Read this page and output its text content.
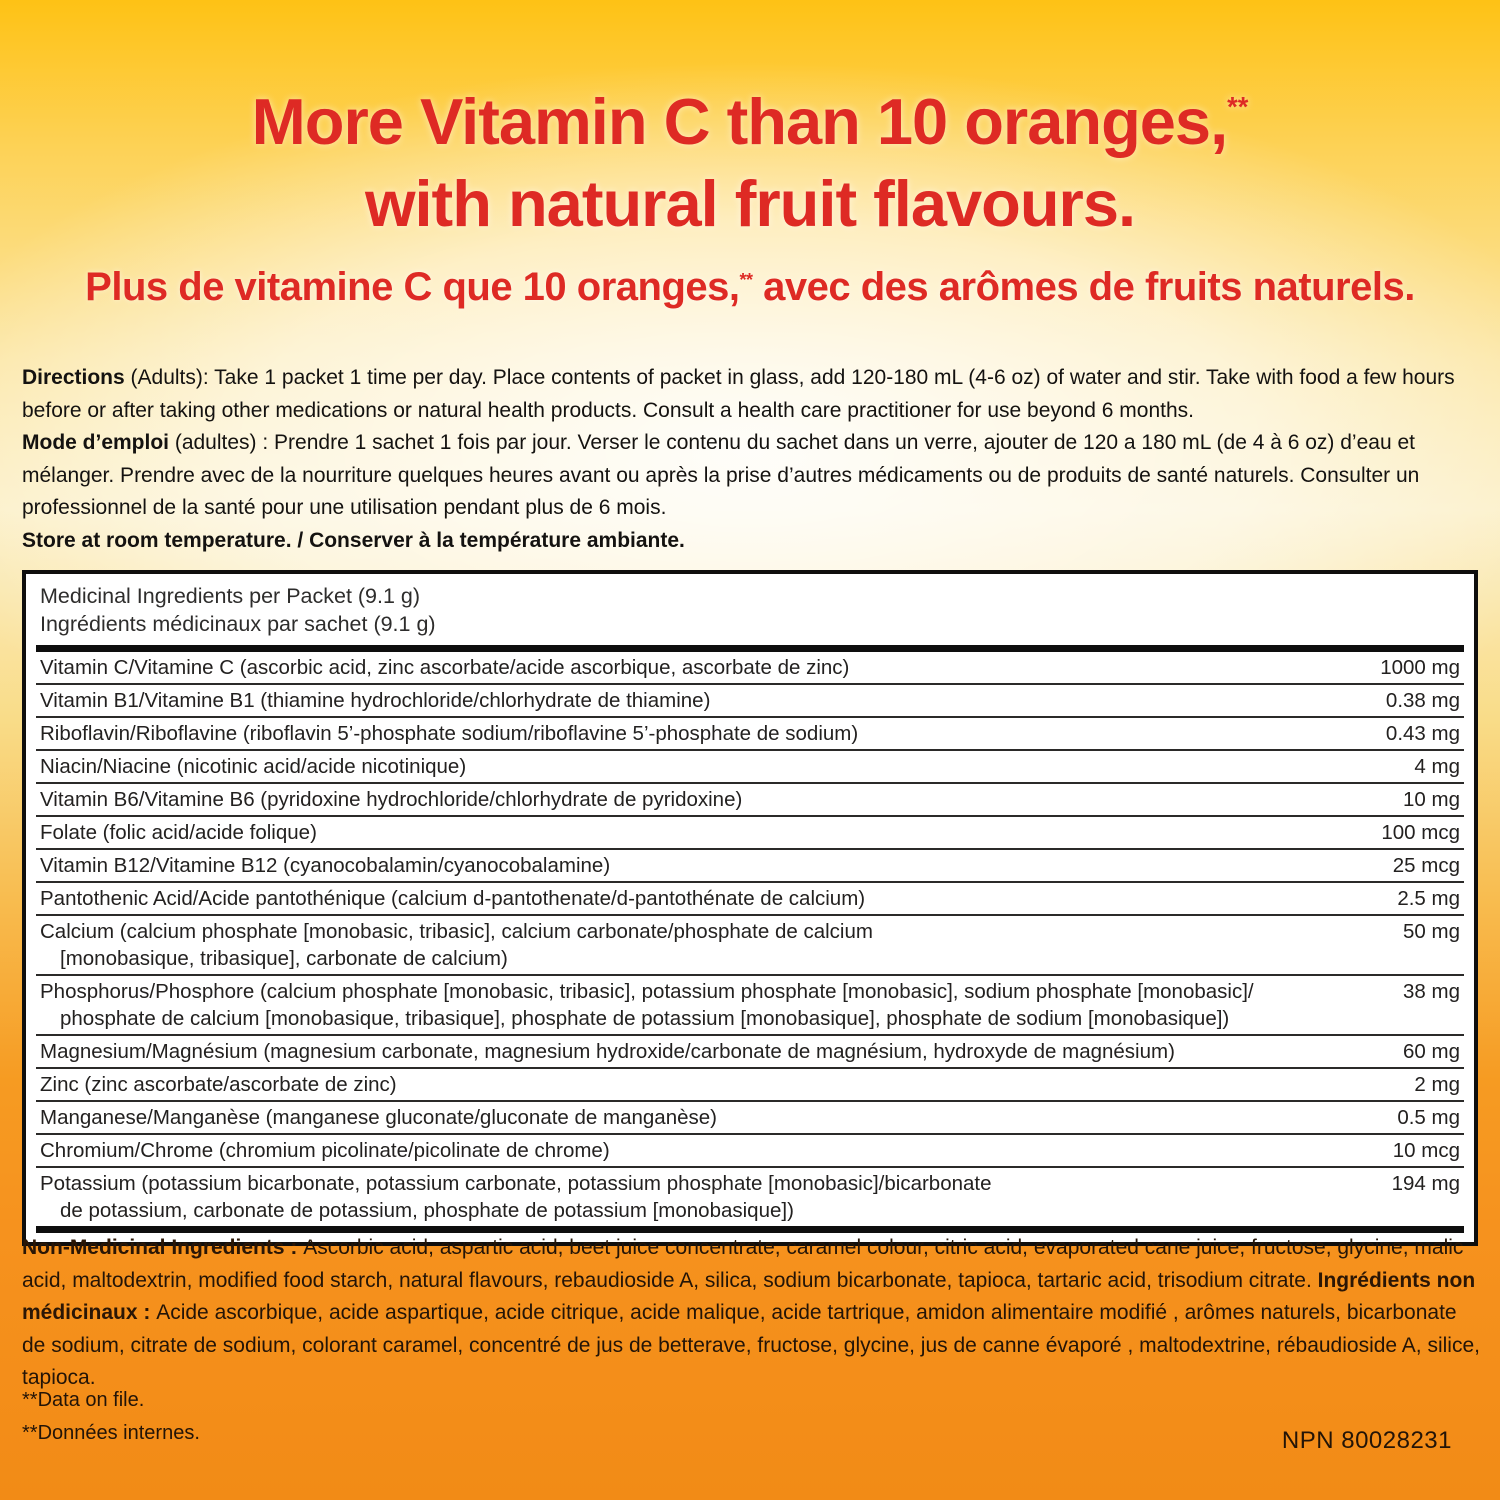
More Vitamin C than 10 oranges,**
with natural fruit flavours.
Plus de vitamine C que 10 oranges,** avec des arômes de fruits naturels.
Directions (Adults): Take 1 packet 1 time per day. Place contents of packet in glass, add 120-180 mL (4-6 oz) of water and stir. Take with food a few hours before or after taking other medications or natural health products. Consult a health care practitioner for use beyond 6 months.
Mode d’emploi (adultes) : Prendre 1 sachet 1 fois par jour. Verser le contenu du sachet dans un verre, ajouter de 120 a 180 mL (de 4 à 6 oz) d’eau et mélanger. Prendre avec de la nourriture quelques heures avant ou après la prise d’autres médicaments ou de produits de santé naturels. Consulter un professionnel de la santé pour une utilisation pendant plus de 6 mois.
Store at room temperature. / Conserver à la température ambiante.
Medicinal Ingredients per Packet (9.1 g)
Ingrédients médicinaux par sachet (9.1 g)
Vitamin C/Vitamine C (ascorbic acid, zinc ascorbate/acide ascorbique, ascorbate de zinc)	1000 mg
Vitamin B1/Vitamine B1 (thiamine hydrochloride/chlorhydrate de thiamine)	0.38 mg
Riboflavin/Riboflavine (riboflavin 5’-phosphate sodium/riboflavine 5’-phosphate de sodium)	0.43 mg
Niacin/Niacine (nicotinic acid/acide nicotinique)	4 mg
Vitamin B6/Vitamine B6 (pyridoxine hydrochloride/chlorhydrate de pyridoxine)	10 mg
Folate (folic acid/acide folique)	100 mcg
Vitamin B12/Vitamine B12 (cyanocobalamin/cyanocobalamine)	25 mcg
Pantothenic Acid/Acide pantothénique (calcium d-pantothenate/d-pantothénate de calcium)	2.5 mg
Calcium (calcium phosphate [monobasic, tribasic], calcium carbonate/phosphate de calcium
[monobasique, tribasique], carbonate de calcium)
50 mg
Phosphorus/Phosphore (calcium phosphate [monobasic, tribasic], potassium phosphate [monobasic], sodium phosphate [monobasic]/
phosphate de calcium [monobasique, tribasique], phosphate de potassium [monobasique], phosphate de sodium [monobasique])
38 mg
Magnesium/Magnésium (magnesium carbonate, magnesium hydroxide/carbonate de magnésium, hydroxyde de magnésium)	60 mg
Zinc (zinc ascorbate/ascorbate de zinc)	2 mg
Manganese/Manganèse (manganese gluconate/gluconate de manganèse)	0.5 mg
Chromium/Chrome (chromium picolinate/picolinate de chrome)	10 mcg
Potassium (potassium bicarbonate, potassium carbonate, potassium phosphate [monobasic]/bicarbonate
de potassium, carbonate de potassium, phosphate de potassium [monobasique])
194 mg
Non-Medicinal Ingredients : Ascorbic acid, aspartic acid, beet juice concentrate, caramel colour, citric acid, evaporated cane juice, fructose, glycine, malic acid, maltodextrin, modified food starch, natural flavours, rebaudioside A, silica, sodium bicarbonate, tapioca, tartaric acid, trisodium citrate. Ingrédients non médicinaux : Acide ascorbique, acide aspartique, acide citrique, acide malique, acide tartrique, amidon alimentaire modifié , arômes naturels, bicarbonate de sodium, citrate de sodium, colorant caramel, concentré de jus de betterave, fructose, glycine, jus de canne évaporé , maltodextrine, rébaudioside A, silice, tapioca.
**Data on file.
**Données internes.	NPN 80028231
